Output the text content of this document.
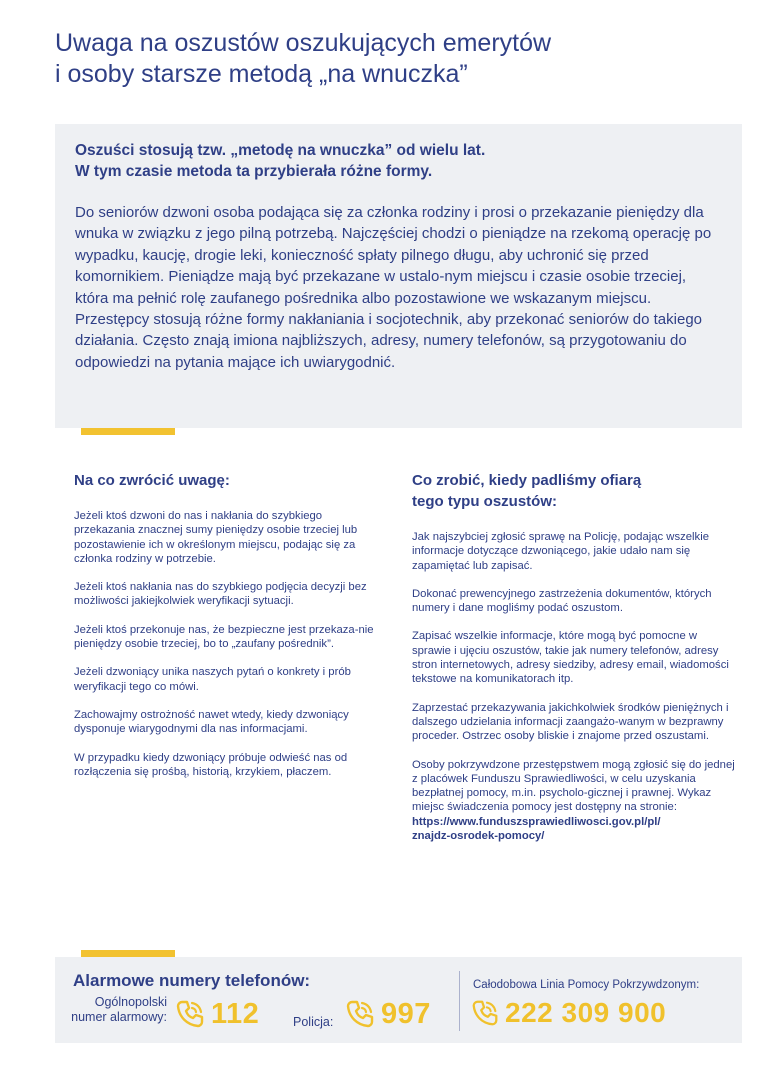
Uwaga na oszustów oszukujących emerytów
i osoby starsze metodą „na wnuczka”

Oszuści stosują tzw. „metodę na wnuczka” od wielu lat.
W tym czasie metoda ta przybierała różne formy.

Do seniorów dzwoni osoba podająca się za członka rodziny i prosi o przekazanie pieniędzy dla wnuka w związku z jego pilną potrzebą. Najczęściej chodzi o pieniądze na rzekomą operację po wypadku, kaucję, drogie leki, konieczność spłaty pilnego długu, aby uchronić się przed komornikiem. Pieniądze mają być przekazane w ustalo-nym miejscu i czasie osobie trzeciej, która ma pełnić rolę zaufanego pośrednika albo pozostawione we wskazanym miejscu. Przestępcy stosują różne formy nakłaniania i socjotechnik, aby przekonać seniorów do takiego działania. Często znają imiona najbliższych, adresy, numery telefonów, są przygotowaniu do odpowiedzi na pytania mające ich uwiarygodnić.

Na co zwrócić uwagę:

Jeżeli ktoś dzwoni do nas i nakłania do szybkiego przekazania znacznej sumy pieniędzy osobie trzeciej lub pozostawienie ich w określonym miejscu, podając się za członka rodziny w potrzebie.

Jeżeli ktoś nakłania nas do szybkiego podjęcia decyzji bez możliwości jakiejkolwiek weryfikacji sytuacji.

Jeżeli ktoś przekonuje nas, że bezpieczne jest przekaza-nie pieniędzy osobie trzeciej, bo to „zaufany pośrednik”.

Jeżeli dzwoniący unika naszych pytań o konkrety i prób weryfikacji tego co mówi.

Zachowajmy ostrożność nawet wtedy, kiedy dzwoniący dysponuje wiarygodnymi dla nas informacjami.

W przypadku kiedy dzwoniący próbuje odwieść nas od rozłączenia się prośbą, historią, krzykiem, płaczem.

Co zrobić, kiedy padliśmy ofiarą
tego typu oszustów:

Jak najszybciej zgłosić sprawę na Policję, podając wszelkie informacje dotyczące dzwoniącego, jakie udało nam się zapamiętać lub zapisać.

Dokonać prewencyjnego zastrzeżenia dokumentów, których numery i dane mogliśmy podać oszustom.

Zapisać wszelkie informacje, które mogą być pomocne w sprawie i ujęciu oszustów, takie jak numery telefonów, adresy stron internetowych, adresy siedziby, adresy email, wiadomości tekstowe na komunikatorach itp.

Zaprzestać przekazywania jakichkolwiek środków pieniężnych i dalszego udzielania informacji zaangażo-wanym w bezprawny proceder. Ostrzec osoby bliskie i znajome przed oszustami.

Osoby pokrzywdzone przestępstwem mogą zgłosić się do jednej z placówek Funduszu Sprawiedliwości, w celu uzyskania bezpłatnej pomocy, m.in. psycholo-gicznej i prawnej. Wykaz miejsc świadczenia pomocy jest dostępny na stronie:
https://www.funduszsprawiedliwosci.gov.pl/pl/
znajdz-osrodek-pomocy/

Alarmowe numery telefonów:
Ogólnopolski
numer alarmowy: 112	Policja: 997
Całodobowa Linia Pomocy Pokrzywdzonym:
222 309 900
